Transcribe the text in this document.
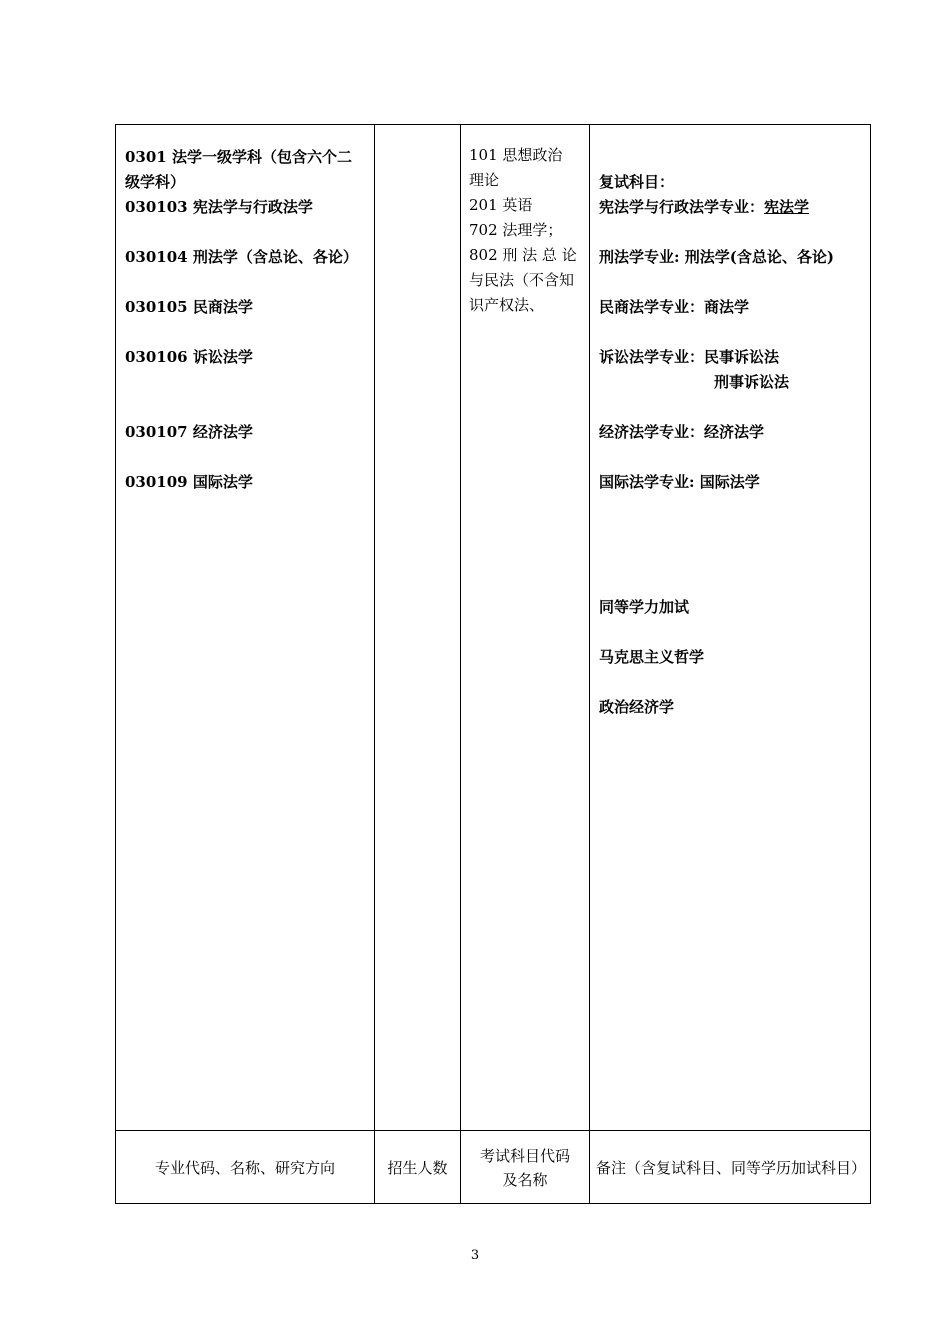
0301 法学一级学科（包含六个二
级学科）
030103 宪法学与行政法学
030104 刑法学（含总论、各论）
030105 民商法学
030106 诉讼法学
030107 经济法学
030109 国际法学
101 思想政治
理论
201 英语
702 法理学；
802 刑 法 总 论
与民法（不含知
识产权法、
复试科目：
宪法学与行政法学专业：宪法学
刑法学专业: 刑法学(含总论、各论)
民商法学专业：商法学
诉讼法学专业：民事诉讼法
刑事诉讼法
经济法学专业：经济法学
国际法学专业: 国际法学
同等学力加试
马克思主义哲学
政治经济学
专业代码、名称、研究方向	招生人数
考试科目代码及名称
备注（含复试科目、同等学历加试科目）
3
